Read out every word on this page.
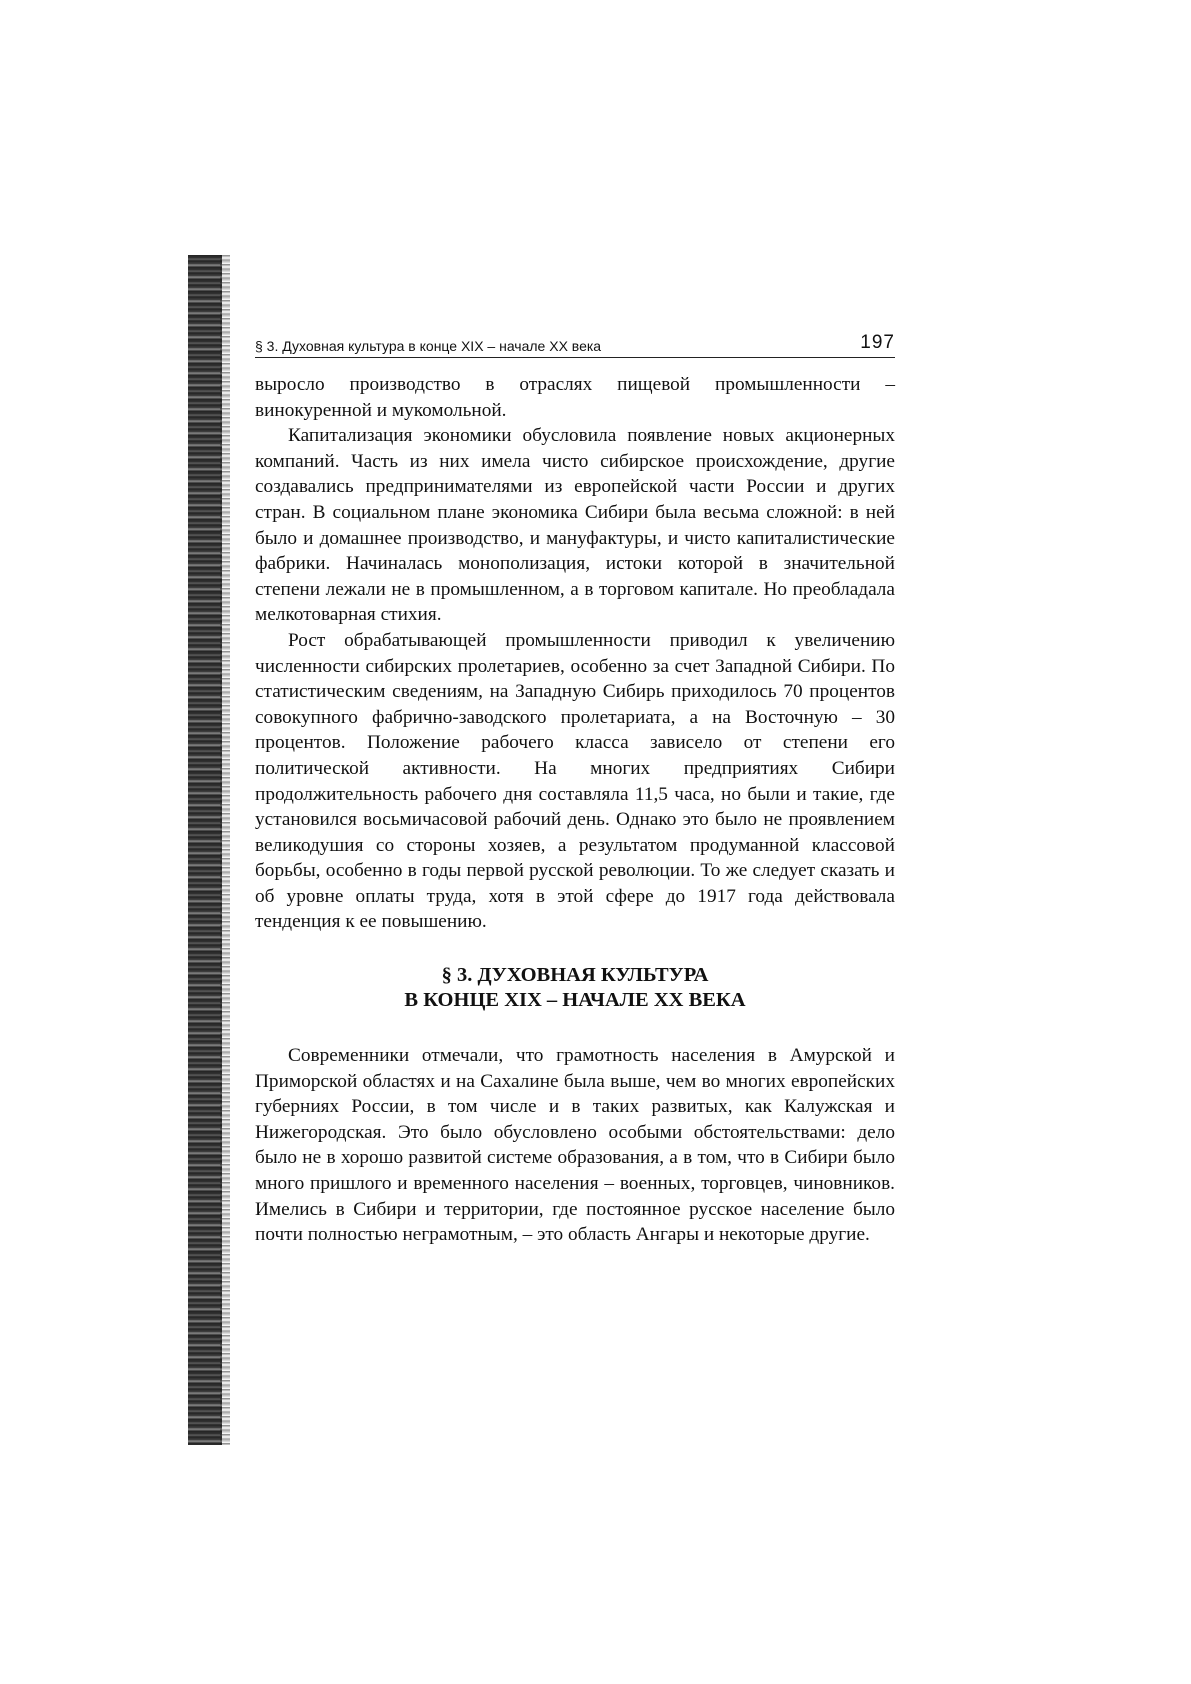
§ 3. Духовная культура в конце XIX – начале XX века	197

выросло производство в отраслях пищевой промышленности – винокуренной и мукомольной.

Капитализация экономики обусловила появление новых акционерных компаний. Часть из них имела чисто сибирское происхождение, другие создавались предпринимателями из европейской части России и других стран. В социальном плане экономика Сибири была весьма сложной: в ней было и домашнее производство, и мануфактуры, и чисто капиталистические фабрики. Начиналась монополизация, истоки которой в значительной степени лежали не в промышленном, а в торговом капитале. Но преобладала мелкотоварная стихия.

Рост обрабатывающей промышленности приводил к увеличению численности сибирских пролетариев, особенно за счет Западной Сибири. По статистическим сведениям, на Западную Сибирь приходилось 70 процентов совокупного фабрично-заводского пролетариата, а на Восточную – 30 процентов. Положение рабочего класса зависело от степени его политической активности. На многих предприятиях Сибири продолжительность рабочего дня составляла 11,5 часа, но были и такие, где установился восьмичасовой рабочий день. Однако это было не проявлением великодушия со стороны хозяев, а результатом продуманной классовой борьбы, особенно в годы первой русской революции. То же следует сказать и об уровне оплаты труда, хотя в этой сфере до 1917 года действовала тенденция к ее повышению.

§ 3. ДУХОВНАЯ КУЛЬТУРА
В КОНЦЕ XIX – НАЧАЛЕ XX ВЕКА

Современники отмечали, что грамотность населения в Амурской и Приморской областях и на Сахалине была выше, чем во многих европейских губерниях России, в том числе и в таких развитых, как Калужская и Нижегородская. Это было обусловлено особыми обстоятельствами: дело было не в хорошо развитой системе образования, а в том, что в Сибири было много пришлого и временного населения – военных, торговцев, чиновников. Имелись в Сибири и территории, где постоянное русское население было почти полностью неграмотным, – это область Ангары и некоторые другие.
